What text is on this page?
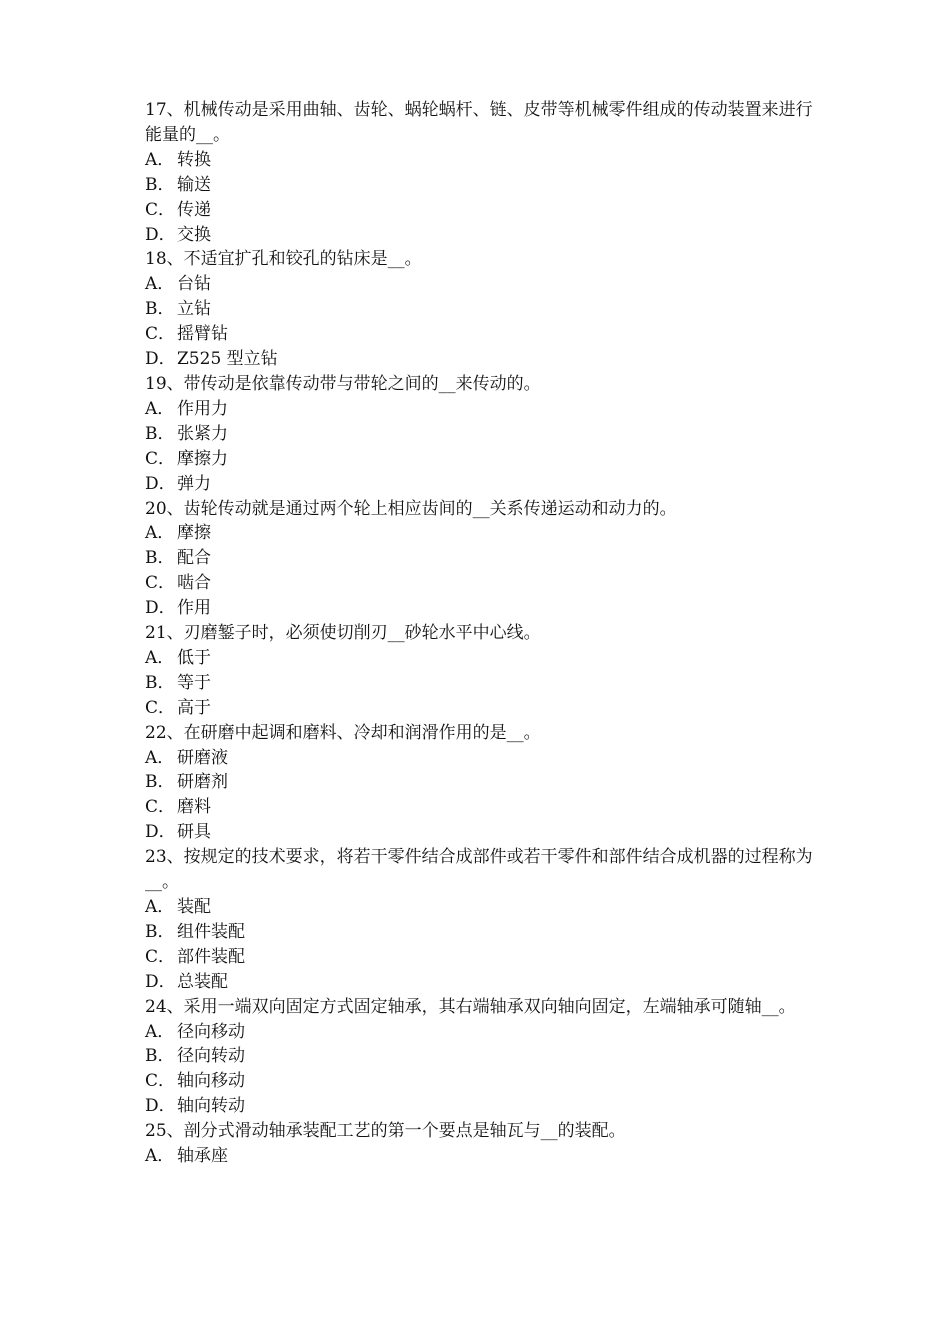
17、机械传动是采用曲轴、齿轮、蜗轮蜗杆、链、皮带等机械零件组成的传动装置来进行能量的__。

A． 转换

B． 输送

C． 传递

D．交换

18、不适宜扩孔和铰孔的钻床是__。

A． 台钻

B． 立钻

C． 摇臂钻

D．Z525 型立钻

19、带传动是依靠传动带与带轮之间的__来传动的。

A． 作用力

B． 张紧力

C． 摩擦力

D．弹力

20、齿轮传动就是通过两个轮上相应齿间的__关系传递运动和动力的。

A． 摩擦

B． 配合

C． 啮合

D．作用

21、刃磨錾子时，必须使切削刃__砂轮水平中心线。

A． 低于

B． 等于

C． 高于

22、在研磨中起调和磨料、冷却和润滑作用的是__。

A． 研磨液

B． 研磨剂

C． 磨料

D．研具

23、按规定的技术要求，将若干零件结合成部件或若干零件和部件结合成机器的过程称为__。

A． 装配

B． 组件装配

C． 部件装配

D．总装配

24、采用一端双向固定方式固定轴承，其右端轴承双向轴向固定，左端轴承可随轴__。

A． 径向移动

B． 径向转动

C． 轴向移动

D．轴向转动

25、剖分式滑动轴承装配工艺的第一个要点是轴瓦与__的装配。

A． 轴承座
